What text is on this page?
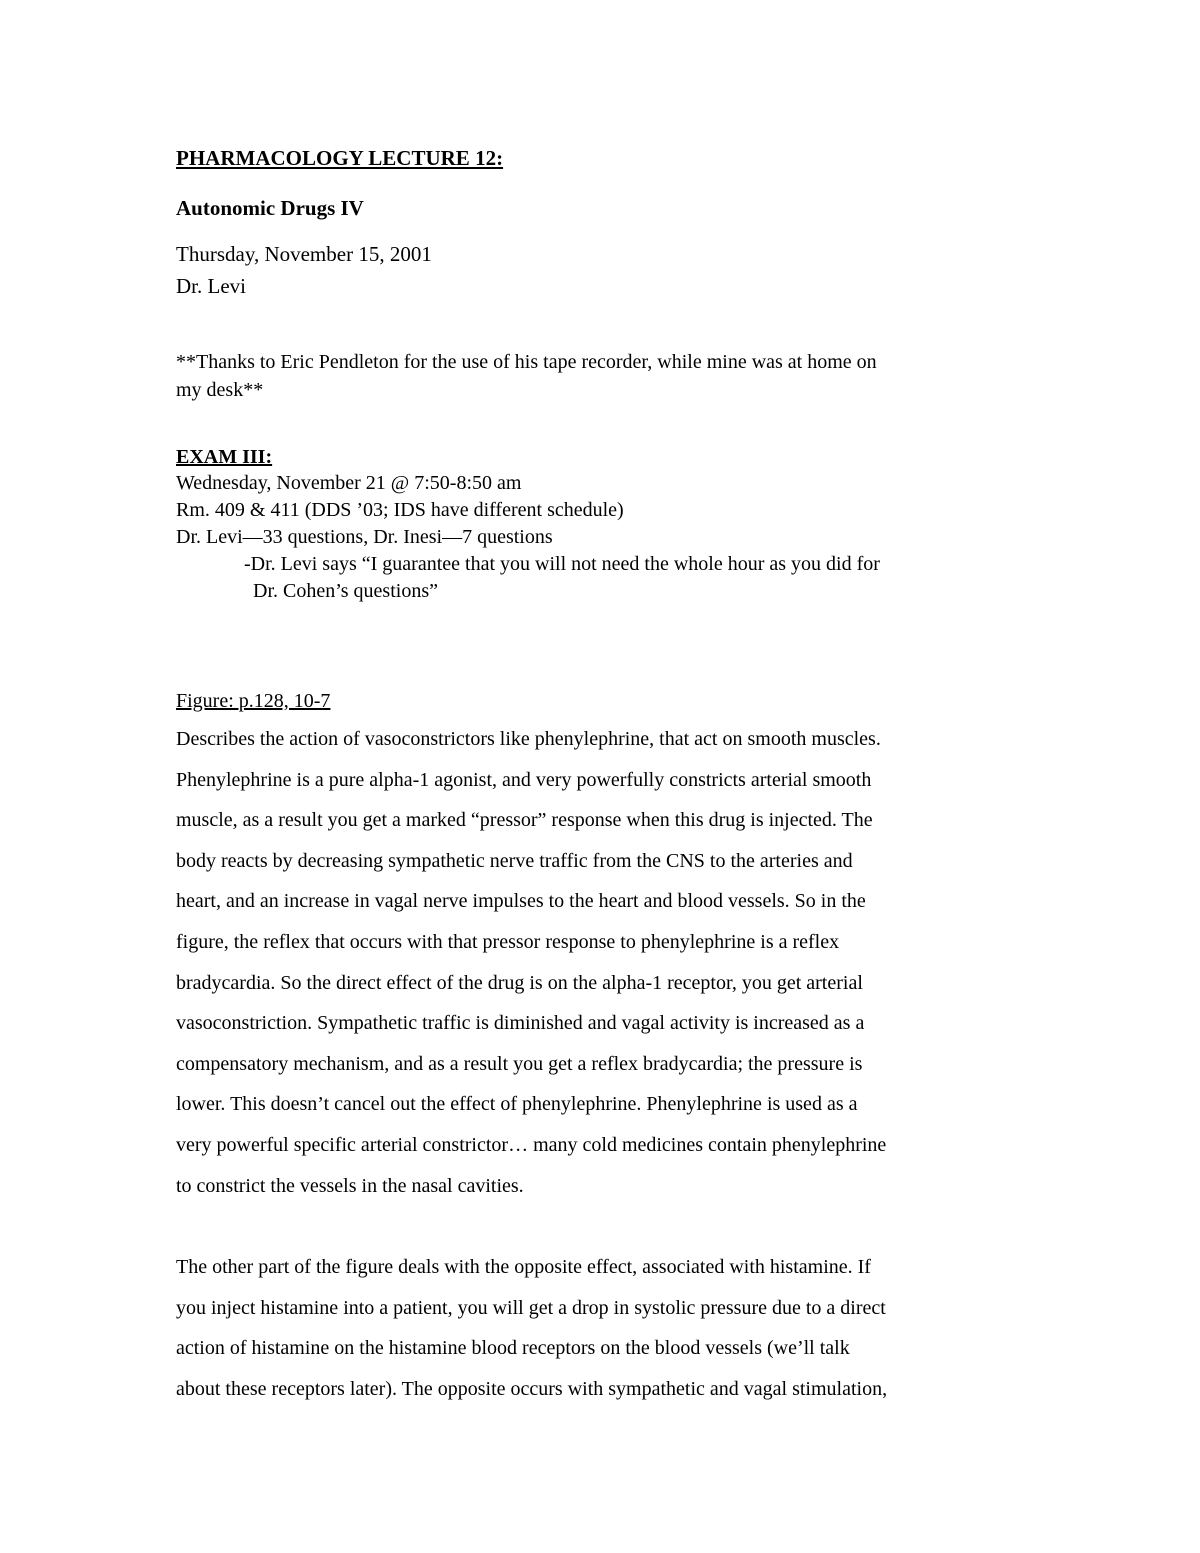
PHARMACOLOGY LECTURE 12:
Autonomic Drugs IV
Thursday, November 15, 2001
Dr. Levi
**Thanks to Eric Pendleton for the use of his tape recorder, while mine was at home on
my desk**
EXAM III:
Wednesday, November 21 @ 7:50-8:50 am
Rm. 409 & 411 (DDS ’03; IDS have different schedule)
Dr. Levi—33 questions, Dr. Inesi—7 questions
-Dr. Levi says “I guarantee that you will not need the whole hour as you did for
Dr. Cohen’s questions”
Figure: p.128, 10-7
Describes the action of vasoconstrictors like phenylephrine, that act on smooth muscles.
Phenylephrine is a pure alpha-1 agonist, and very powerfully constricts arterial smooth
muscle, as a result you get a marked “pressor” response when this drug is injected. The
body reacts by decreasing sympathetic nerve traffic from the CNS to the arteries and
heart, and an increase in vagal nerve impulses to the heart and blood vessels. So in the
figure, the reflex that occurs with that pressor response to phenylephrine is a reflex
bradycardia. So the direct effect of the drug is on the alpha-1 receptor, you get arterial
vasoconstriction. Sympathetic traffic is diminished and vagal activity is increased as a
compensatory mechanism, and as a result you get a reflex bradycardia; the pressure is
lower. This doesn’t cancel out the effect of phenylephrine. Phenylephrine is used as a
very powerful specific arterial constrictor… many cold medicines contain phenylephrine
to constrict the vessels in the nasal cavities.
The other part of the figure deals with the opposite effect, associated with histamine. If
you inject histamine into a patient, you will get a drop in systolic pressure due to a direct
action of histamine on the histamine blood receptors on the blood vessels (we’ll talk
about these receptors later). The opposite occurs with sympathetic and vagal stimulation,
